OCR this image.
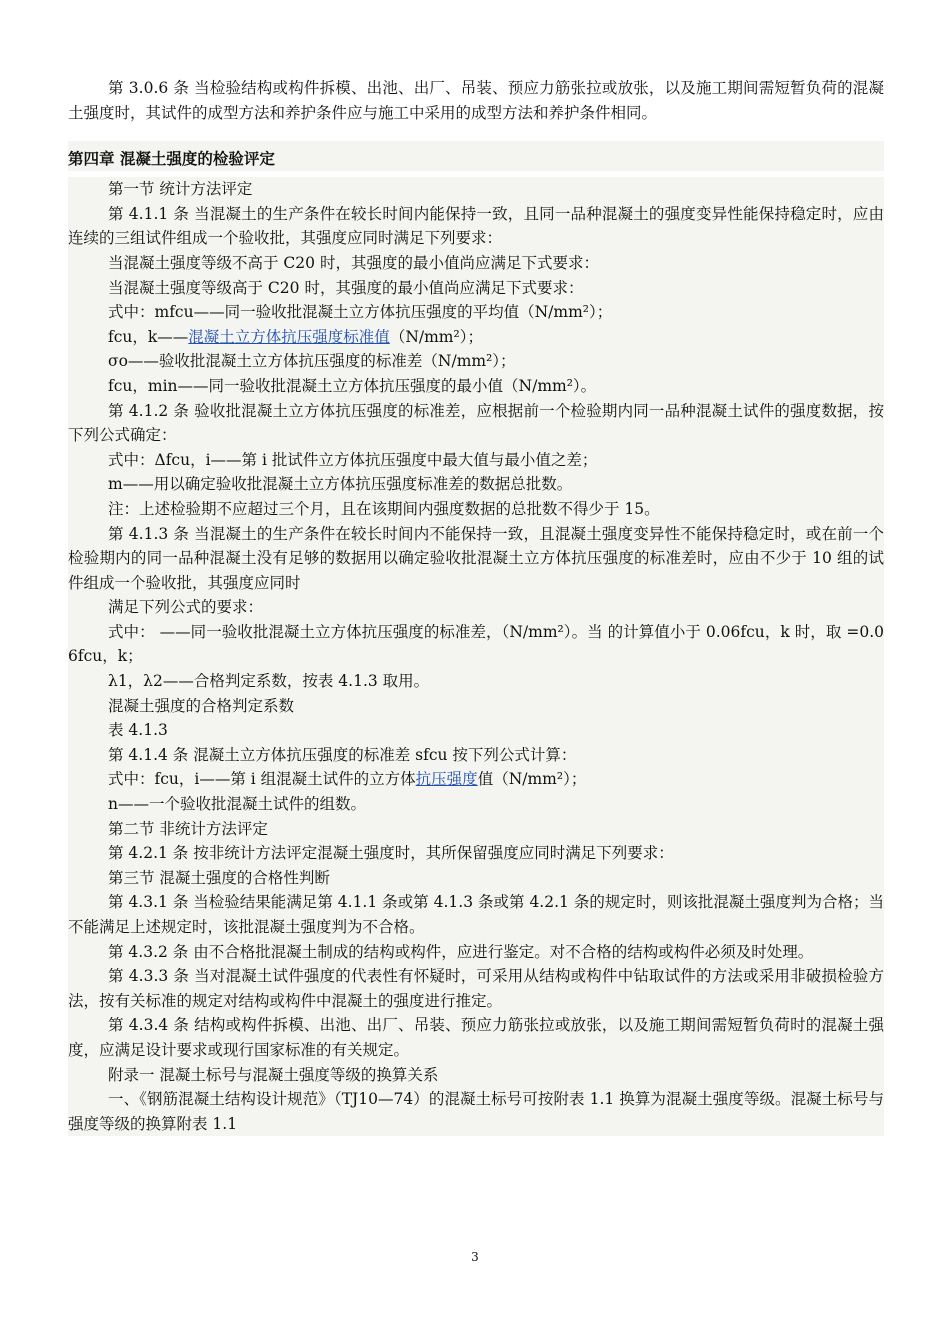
第 3.0.6 条 当检验结构或构件拆模、出池、出厂、吊装、预应力筋张拉或放张，以及施工期间需短暂负荷的混凝土强度时，其试件的成型方法和养护条件应与施工中采用的成型方法和养护条件相同。

第四章 混凝土强度的检验评定

第一节 统计方法评定

第 4.1.1 条 当混凝土的生产条件在较长时间内能保持一致，且同一品种混凝土的强度变异性能保持稳定时，应由连续的三组试件组成一个验收批，其强度应同时满足下列要求：

当混凝土强度等级不高于 C20 时，其强度的最小值尚应满足下式要求：

当混凝土强度等级高于 C20 时，其强度的最小值尚应满足下式要求：

式中：mfcu——同一验收批混凝土立方体抗压强度的平均值（N/mm²）；

fcu，k——混凝土立方体抗压强度标准值（N/mm²）；

σo——验收批混凝土立方体抗压强度的标准差（N/mm²）；

fcu，min——同一验收批混凝土立方体抗压强度的最小值（N/mm²）。

第 4.1.2 条 验收批混凝土立方体抗压强度的标准差，应根据前一个检验期内同一品种混凝土试件的强度数据，按下列公式确定：

式中：Δfcu，i——第 i 批试件立方体抗压强度中最大值与最小值之差；

m——用以确定验收批混凝土立方体抗压强度标准差的数据总批数。

注：上述检验期不应超过三个月，且在该期间内强度数据的总批数不得少于 15。

第 4.1.3 条 当混凝土的生产条件在较长时间内不能保持一致，且混凝土强度变异性不能保持稳定时，或在前一个检验期内的同一品种混凝土没有足够的数据用以确定验收批混凝土立方体抗压强度的标准差时，应由不少于 10 组的试件组成一个验收批，其强度应同时

满足下列公式的要求：

式中： ——同一验收批混凝土立方体抗压强度的标准差，（N/mm²）。当 的计算值小于 0.06fcu，k 时，取 =0.06fcu，k；

λ1，λ2——合格判定系数，按表 4.1.3 取用。

混凝土强度的合格判定系数

表 4.1.3

第 4.1.4 条 混凝土立方体抗压强度的标准差 sfcu 按下列公式计算：

式中：fcu，i——第 i 组混凝土试件的立方体抗压强度值（N/mm²）；

n——一个验收批混凝土试件的组数。

第二节 非统计方法评定

第 4.2.1 条 按非统计方法评定混凝土强度时，其所保留强度应同时满足下列要求：

第三节 混凝土强度的合格性判断

第 4.3.1 条 当检验结果能满足第 4.1.1 条或第 4.1.3 条或第 4.2.1 条的规定时，则该批混凝土强度判为合格；当不能满足上述规定时，该批混凝土强度判为不合格。

第 4.3.2 条 由不合格批混凝土制成的结构或构件，应进行鉴定。对不合格的结构或构件必须及时处理。

第 4.3.3 条 当对混凝土试件强度的代表性有怀疑时，可采用从结构或构件中钻取试件的方法或采用非破损检验方法，按有关标准的规定对结构或构件中混凝土的强度进行推定。

第 4.3.4 条 结构或构件拆模、出池、出厂、吊装、预应力筋张拉或放张，以及施工期间需短暂负荷时的混凝土强度，应满足设计要求或现行国家标准的有关规定。

附录一 混凝土标号与混凝土强度等级的换算关系

一、《钢筋混凝土结构设计规范》（TJ10—74）的混凝土标号可按附表 1.1 换算为混凝土强度等级。混凝土标号与强度等级的换算附表 1.1

3
